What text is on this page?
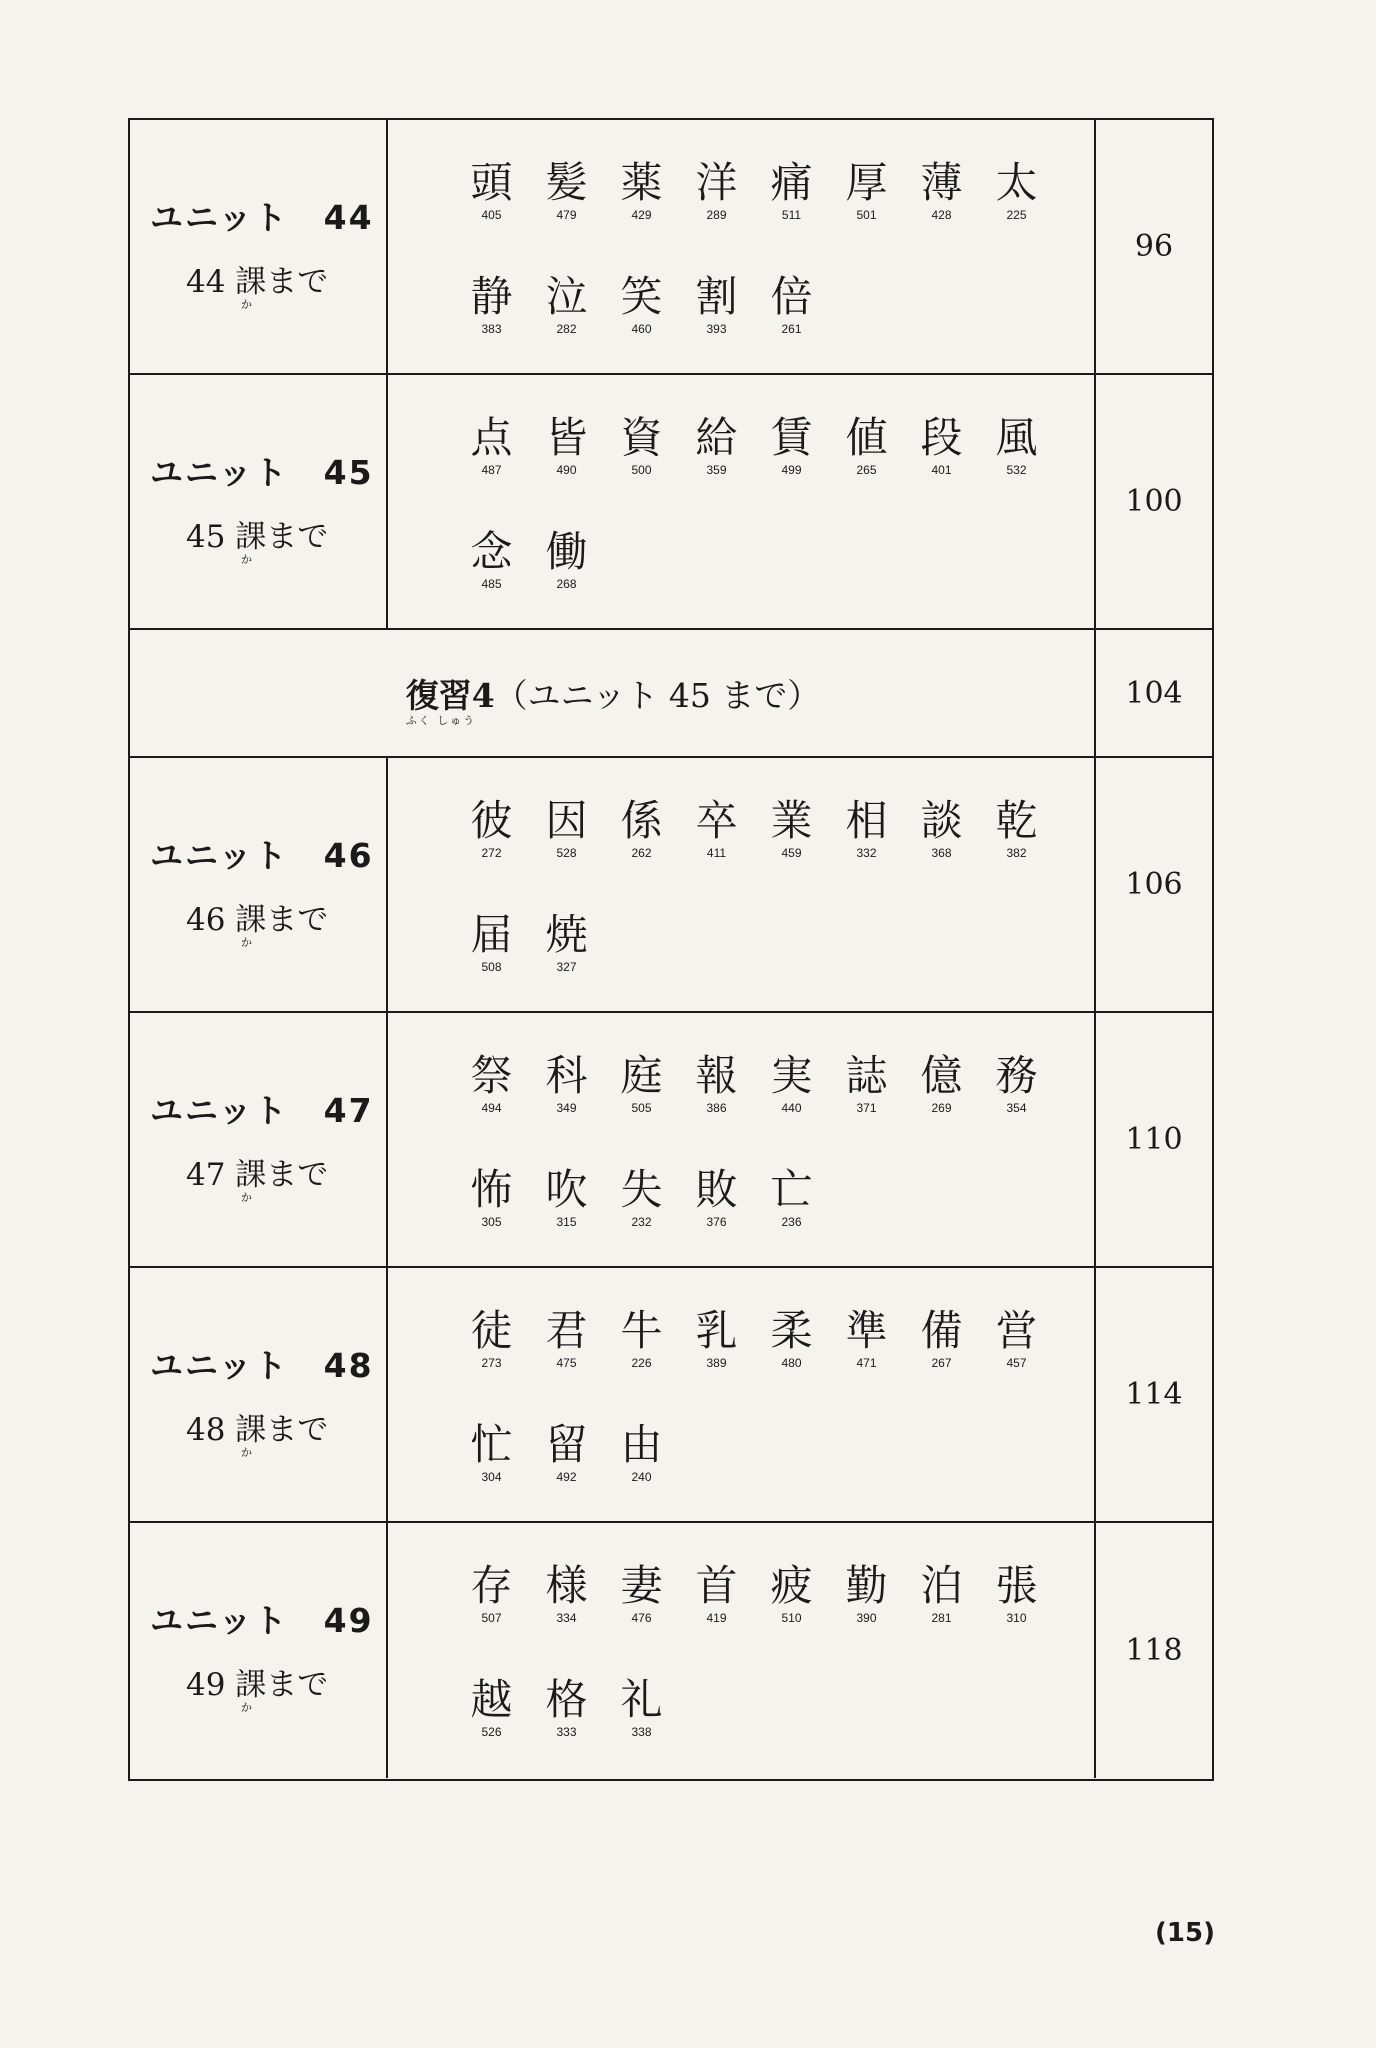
ユニット　44
44 課まで
か
頭
405
髪
479
薬
429
洋
289
痛
511
厚
501
薄
428
太
225
静
383
泣
282
笑
460
割
393
倍
261
96
ユニット　45
45 課まで
か
点
487
皆
490
資
500
給
359
賃
499
値
265
段
401
風
532
念
485
働
268
100
復習4（ユニット 45 まで）
ふく しゅう
104
ユニット　46
46 課まで
か
彼
272
因
528
係
262
卒
411
業
459
相
332
談
368
乾
382
届
508
焼
327
106
ユニット　47
47 課まで
か
祭
494
科
349
庭
505
報
386
実
440
誌
371
億
269
務
354
怖
305
吹
315
失
232
敗
376
亡
236
110
ユニット　48
48 課まで
か
徒
273
君
475
牛
226
乳
389
柔
480
準
471
備
267
営
457
忙
304
留
492
由
240
114
ユニット　49
49 課まで
か
存
507
様
334
妻
476
首
419
疲
510
勤
390
泊
281
張
310
越
526
格
333
礼
338
118
(15)
